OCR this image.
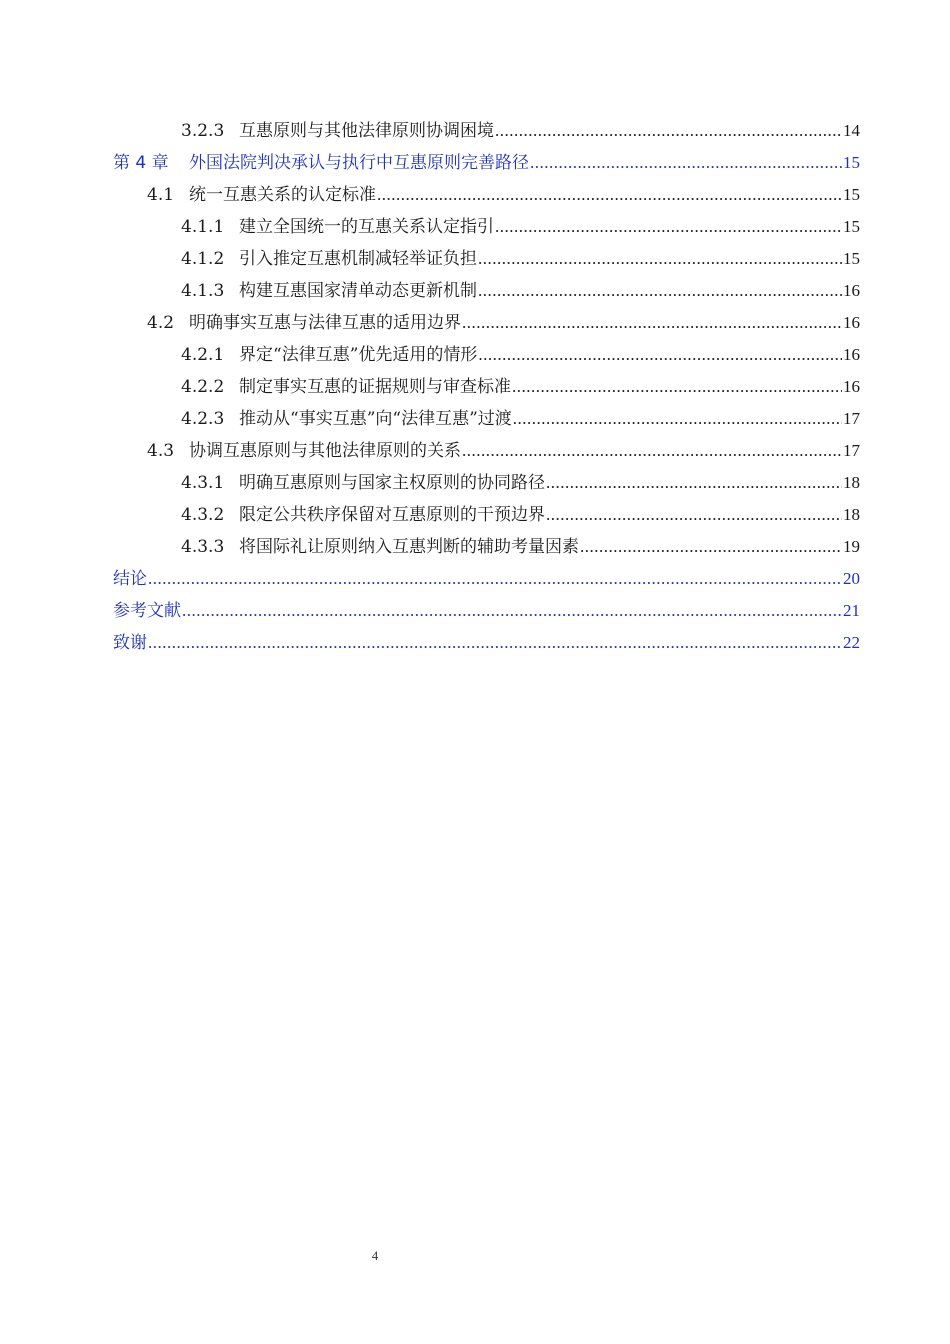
3.2.3 互惠原则与其他法律原则协调困境 .....	14
第 4 章	外国法院判决承认与执行中互惠原则完善路径 .....	15
4.1 统一互惠关系的认定标准 .....	15
4.1.1 建立全国统一的互惠关系认定指引 .....	15
4.1.2 引入推定互惠机制减轻举证负担 .....	15
4.1.3 构建互惠国家清单动态更新机制 .....	16
4.2 明确事实互惠与法律互惠的适用边界 .....	16
4.2.1 界定“法律互惠”优先适用的情形 .....	16
4.2.2 制定事实互惠的证据规则与审查标准 .....	16
4.2.3 推动从“事实互惠”向“法律互惠”过渡 .....	17
4.3 协调互惠原则与其他法律原则的关系 .....	17
4.3.1 明确互惠原则与国家主权原则的协同路径 .....	18
4.3.2 限定公共秩序保留对互惠原则的干预边界 .....	18
4.3.3 将国际礼让原则纳入互惠判断的辅助考量因素 .....	19
结论 .....	20
参考文献 .....	21
致谢 .....	22
4
